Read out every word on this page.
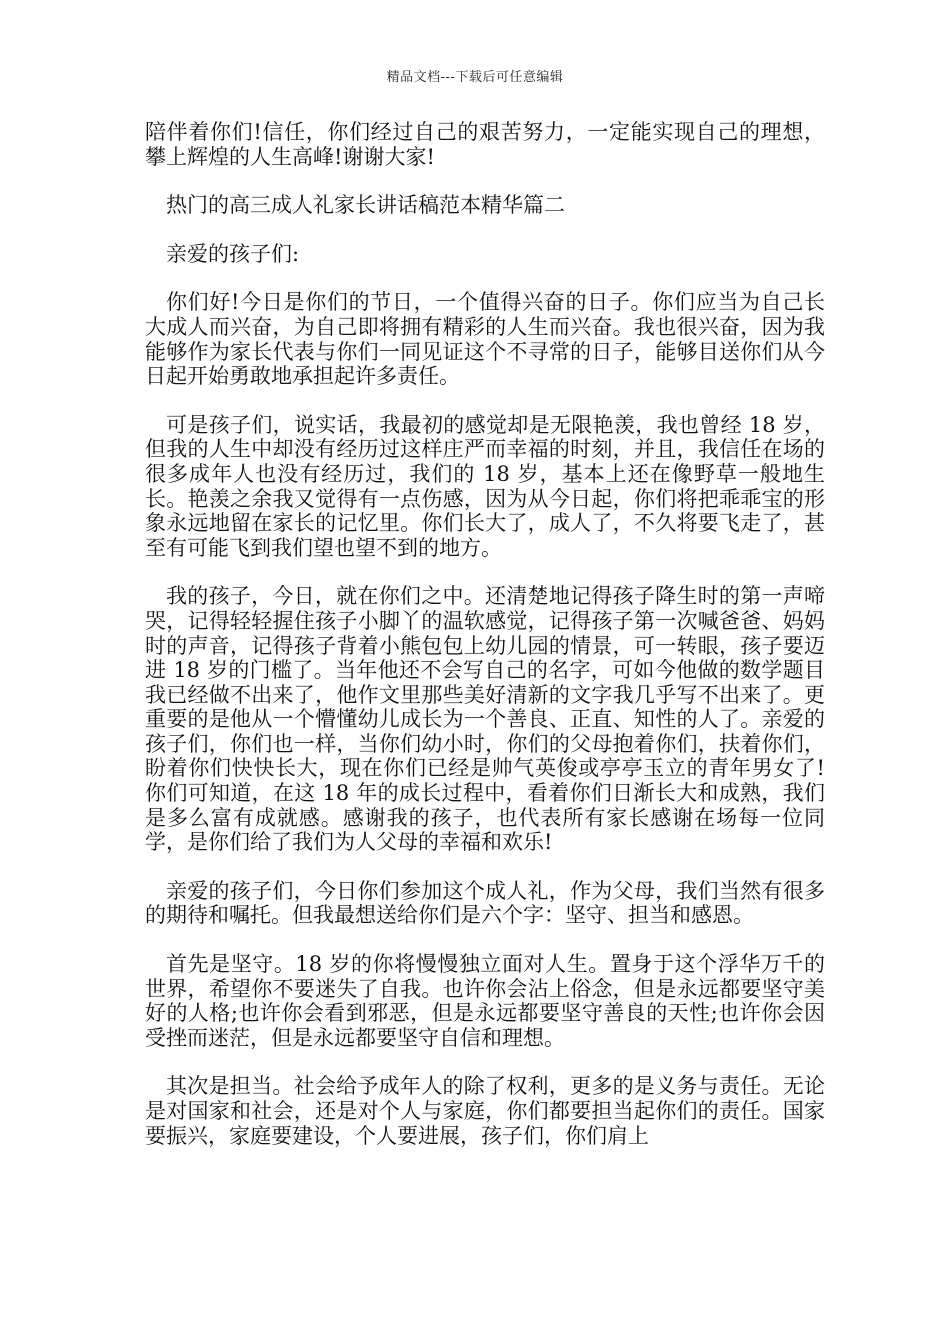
精品文档---下载后可任意编辑

陪伴着你们!信任，你们经过自己的艰苦努力，一定能实现自己的理想，攀上辉煌的人生高峰!谢谢大家!

热门的高三成人礼家长讲话稿范本精华篇二

亲爱的孩子们:

你们好!今日是你们的节日，一个值得兴奋的日子。你们应当为自己长大成人而兴奋，为自己即将拥有精彩的人生而兴奋。我也很兴奋，因为我能够作为家长代表与你们一同见证这个不寻常的日子，能够目送你们从今日起开始勇敢地承担起许多责任。

可是孩子们，说实话，我最初的感觉却是无限艳羡，我也曾经 18 岁，但我的人生中却没有经历过这样庄严而幸福的时刻，并且，我信任在场的很多成年人也没有经历过，我们的 18 岁，基本上还在像野草一般地生长。艳羡之余我又觉得有一点伤感，因为从今日起，你们将把乖乖宝的形象永远地留在家长的记忆里。你们长大了，成人了，不久将要飞走了，甚至有可能飞到我们望也望不到的地方。

我的孩子，今日，就在你们之中。还清楚地记得孩子降生时的第一声啼哭，记得轻轻握住孩子小脚丫的温软感觉，记得孩子第一次喊爸爸、妈妈时的声音，记得孩子背着小熊包包上幼儿园的情景，可一转眼，孩子要迈进 18 岁的门槛了。当年他还不会写自己的名字，可如今他做的数学题目我已经做不出来了，他作文里那些美好清新的文字我几乎写不出来了。更重要的是他从一个懵懂幼儿成长为一个善良、正直、知性的人了。亲爱的孩子们，你们也一样，当你们幼小时，你们的父母抱着你们，扶着你们，盼着你们快快长大，现在你们已经是帅气英俊或亭亭玉立的青年男女了!你们可知道，在这 18 年的成长过程中，看着你们日渐长大和成熟，我们是多么富有成就感。感谢我的孩子，也代表所有家长感谢在场每一位同学，是你们给了我们为人父母的幸福和欢乐!

亲爱的孩子们，今日你们参加这个成人礼，作为父母，我们当然有很多的期待和嘱托。但我最想送给你们是六个字：坚守、担当和感恩。

首先是坚守。18 岁的你将慢慢独立面对人生。置身于这个浮华万千的世界，希望你不要迷失了自我。也许你会沾上俗念，但是永远都要坚守美好的人格;也许你会看到邪恶，但是永远都要坚守善良的天性;也许你会因受挫而迷茫，但是永远都要坚守自信和理想。

其次是担当。社会给予成年人的除了权利，更多的是义务与责任。无论是对国家和社会，还是对个人与家庭，你们都要担当起你们的责任。国家要振兴，家庭要建设，个人要进展，孩子们，你们肩上
